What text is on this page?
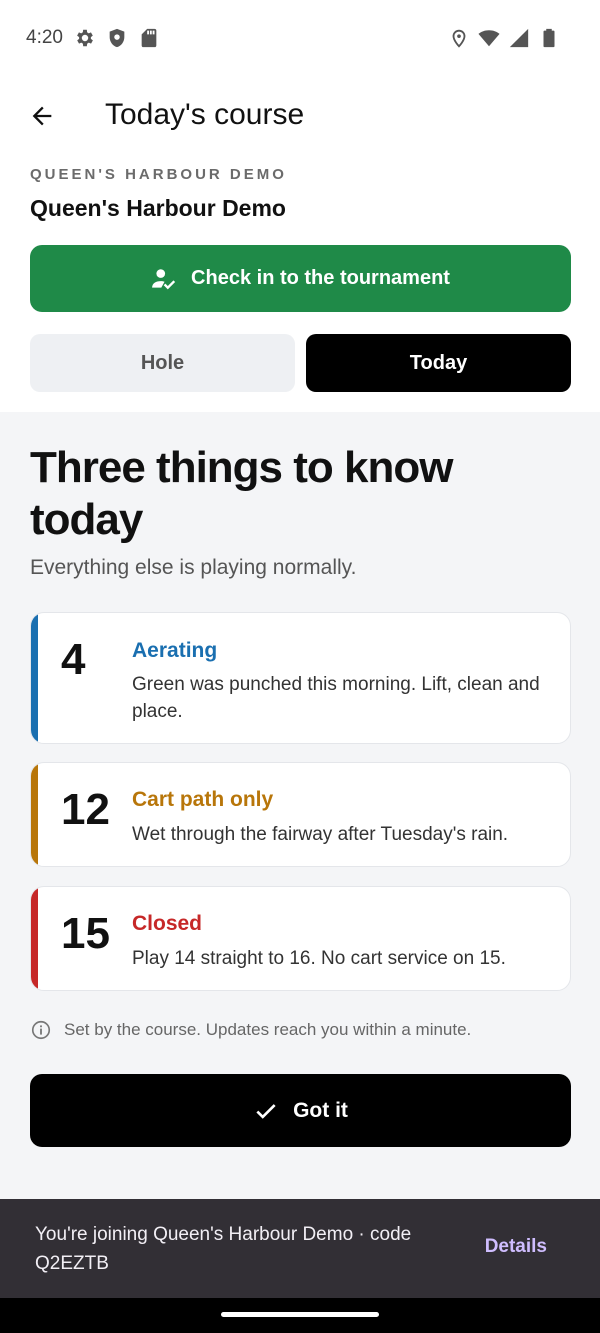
4:20
Today's course
QUEEN'S HARBOUR DEMO
Queen's Harbour Demo
Check in to the tournament
Hole	Today
Three things to know today
Everything else is playing normally.
4 Aerating
Green was punched this morning. Lift, clean and place.
12 Cart path only
Wet through the fairway after Tuesday's rain.
15 Closed
Play 14 straight to 16. No cart service on 15.
Set by the course. Updates reach you within a minute.
Got it
You're joining Queen's Harbour Demo · code Q2EZTB
Details
